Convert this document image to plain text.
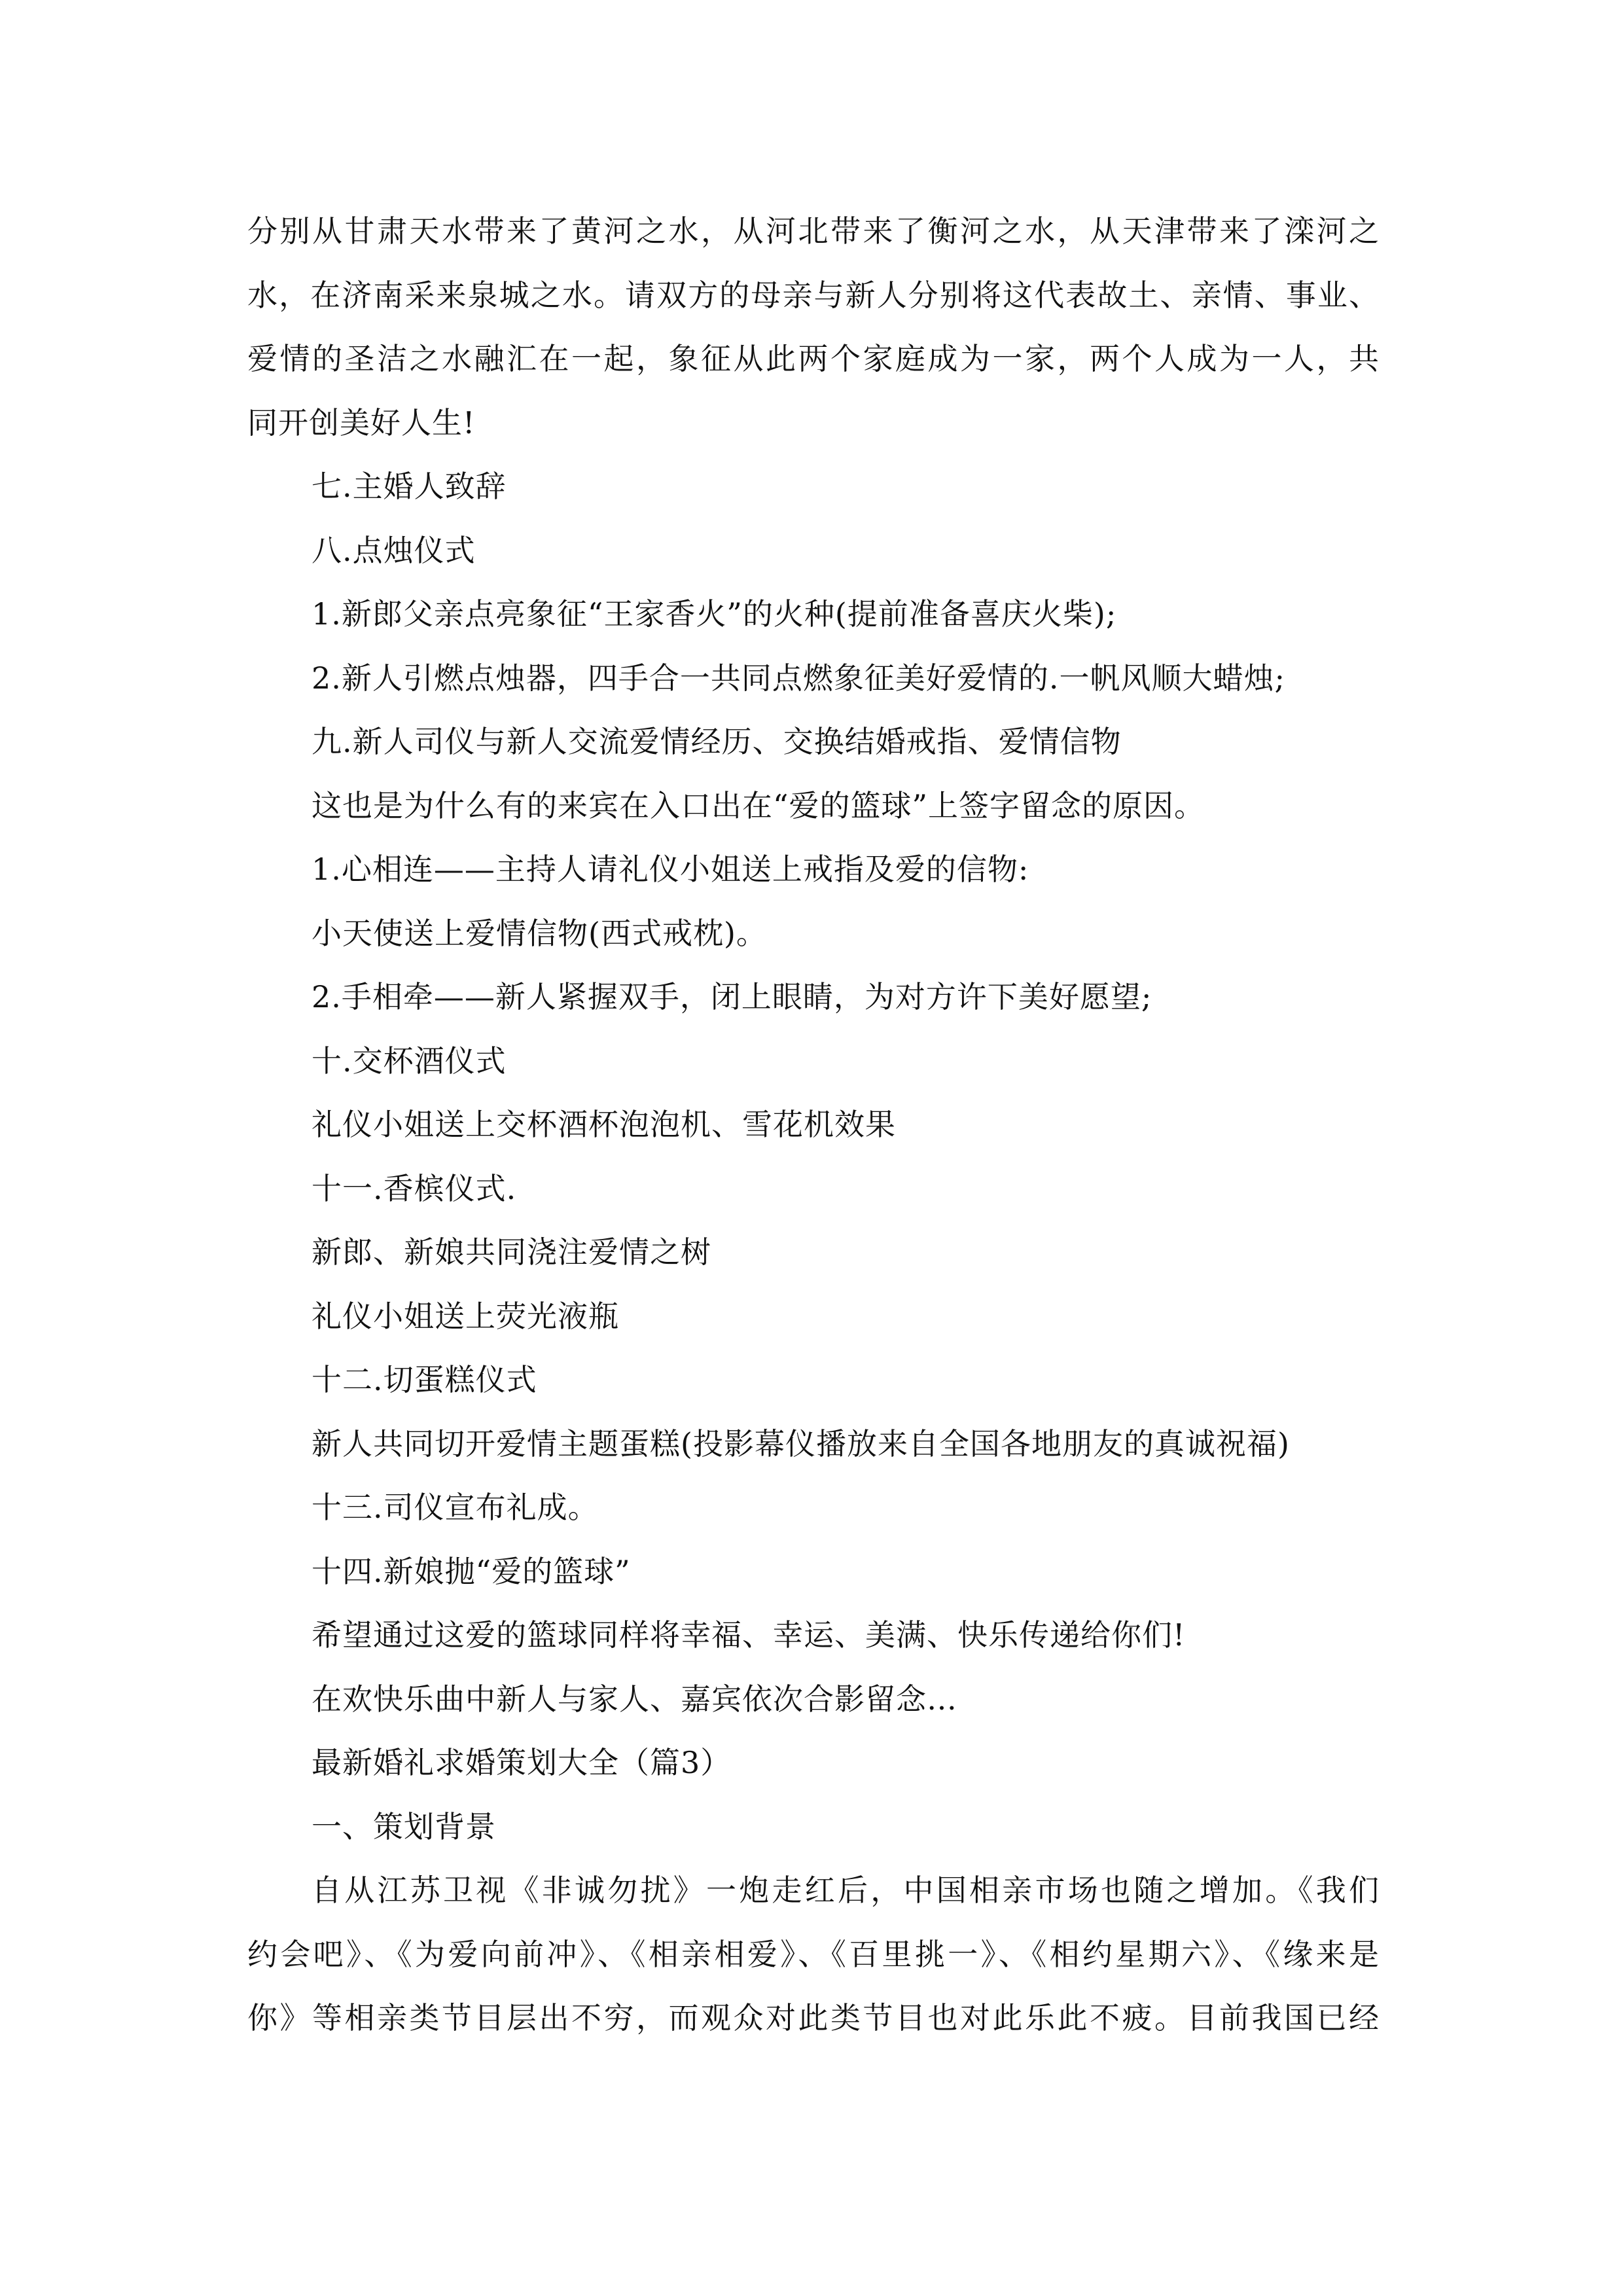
分别从甘肃天水带来了黄河之水，从河北带来了衡河之水，从天津带来了滦河之
水，在济南采来泉城之水。请双方的母亲与新人分别将这代表故土、亲情、事业、
爱情的圣洁之水融汇在一起，象征从此两个家庭成为一家，两个人成为一人，共
同开创美好人生!
七.主婚人致辞
八.点烛仪式
1.新郎父亲点亮象征“王家香火”的火种(提前准备喜庆火柴);
2.新人引燃点烛器，四手合一共同点燃象征美好爱情的.一帆风顺大蜡烛;
九.新人司仪与新人交流爱情经历、交换结婚戒指、爱情信物
这也是为什么有的来宾在入口出在“爱的篮球”上签字留念的原因。
1.心相连——主持人请礼仪小姐送上戒指及爱的信物:
小天使送上爱情信物(西式戒枕)。
2.手相牵——新人紧握双手，闭上眼睛，为对方许下美好愿望;
十.交杯酒仪式
礼仪小姐送上交杯酒杯泡泡机、雪花机效果
十一.香槟仪式.
新郎、新娘共同浇注爱情之树
礼仪小姐送上荧光液瓶
十二.切蛋糕仪式
新人共同切开爱情主题蛋糕(投影幕仪播放来自全国各地朋友的真诚祝福)
十三.司仪宣布礼成。
十四.新娘抛“爱的篮球”
希望通过这爱的篮球同样将幸福、幸运、美满、快乐传递给你们!
在欢快乐曲中新人与家人、嘉宾依次合影留念…
最新婚礼求婚策划大全（篇3）
一、策划背景
自从江苏卫视《非诚勿扰》一炮走红后，中国相亲市场也随之增加。《我们
约会吧》、《为爱向前冲》、《相亲相爱》、《百里挑一》、《相约星期六》、《缘来是
你》等相亲类节目层出不穷，而观众对此类节目也对此乐此不疲。目前我国已经
